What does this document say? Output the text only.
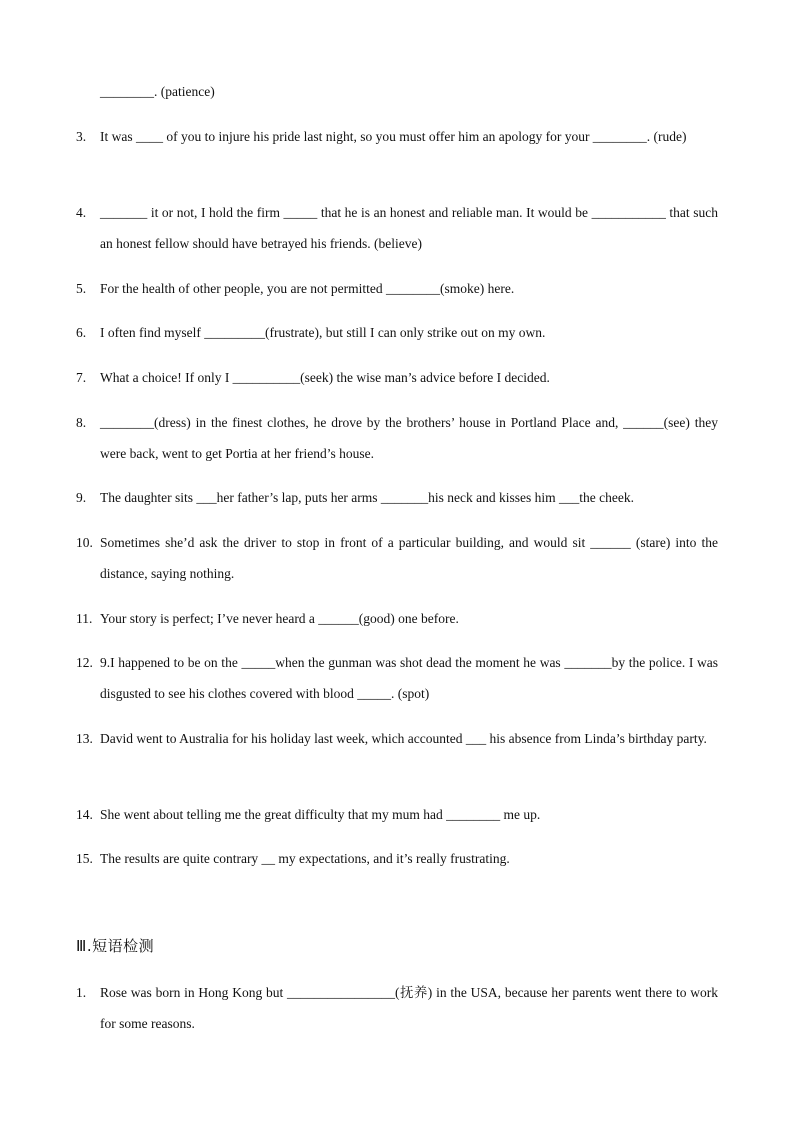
________. (patience)
3.	It was ____ of you to injure his pride last night, so you must offer him an apology for your ________. (rude)
4.	_______ it or not, I hold the firm _____ that he is an honest and reliable man. It would be ___________ that such an honest fellow should have betrayed his friends. (believe)
5.	For the health of other people, you are not permitted ________(smoke) here.
6.	I often find myself _________(frustrate), but still I can only strike out on my own.
7.	What a choice! If only I __________(seek) the wise man’s advice before I decided.
8.	________(dress) in the finest clothes, he drove by the brothers’ house in Portland Place and, ______(see) they were back, went to get Portia at her friend’s house.
9.	The daughter sits ___her father’s lap, puts her arms _______his neck and kisses him ___the cheek.
10. Sometimes she’d ask the driver to stop in front of a particular building, and would sit ______ (stare) into the distance, saying nothing.
11. Your story is perfect; I’ve never heard a ______(good) one before.
12. 9.I happened to be on the _____when the gunman was shot dead the moment he was _______by the police. I was disgusted to see his clothes covered with blood _____. (spot)
13. David went to Australia for his holiday last week, which accounted ___ his absence from Linda’s birthday party.
14. She went about telling me the great difficulty that my mum had ________ me up.
15. The results are quite contrary __ my expectations, and it’s really frustrating.
Ⅲ.短语检测
1.	Rose was born in Hong Kong but ________________(抚养) in the USA, because her parents went there to work for some reasons.
